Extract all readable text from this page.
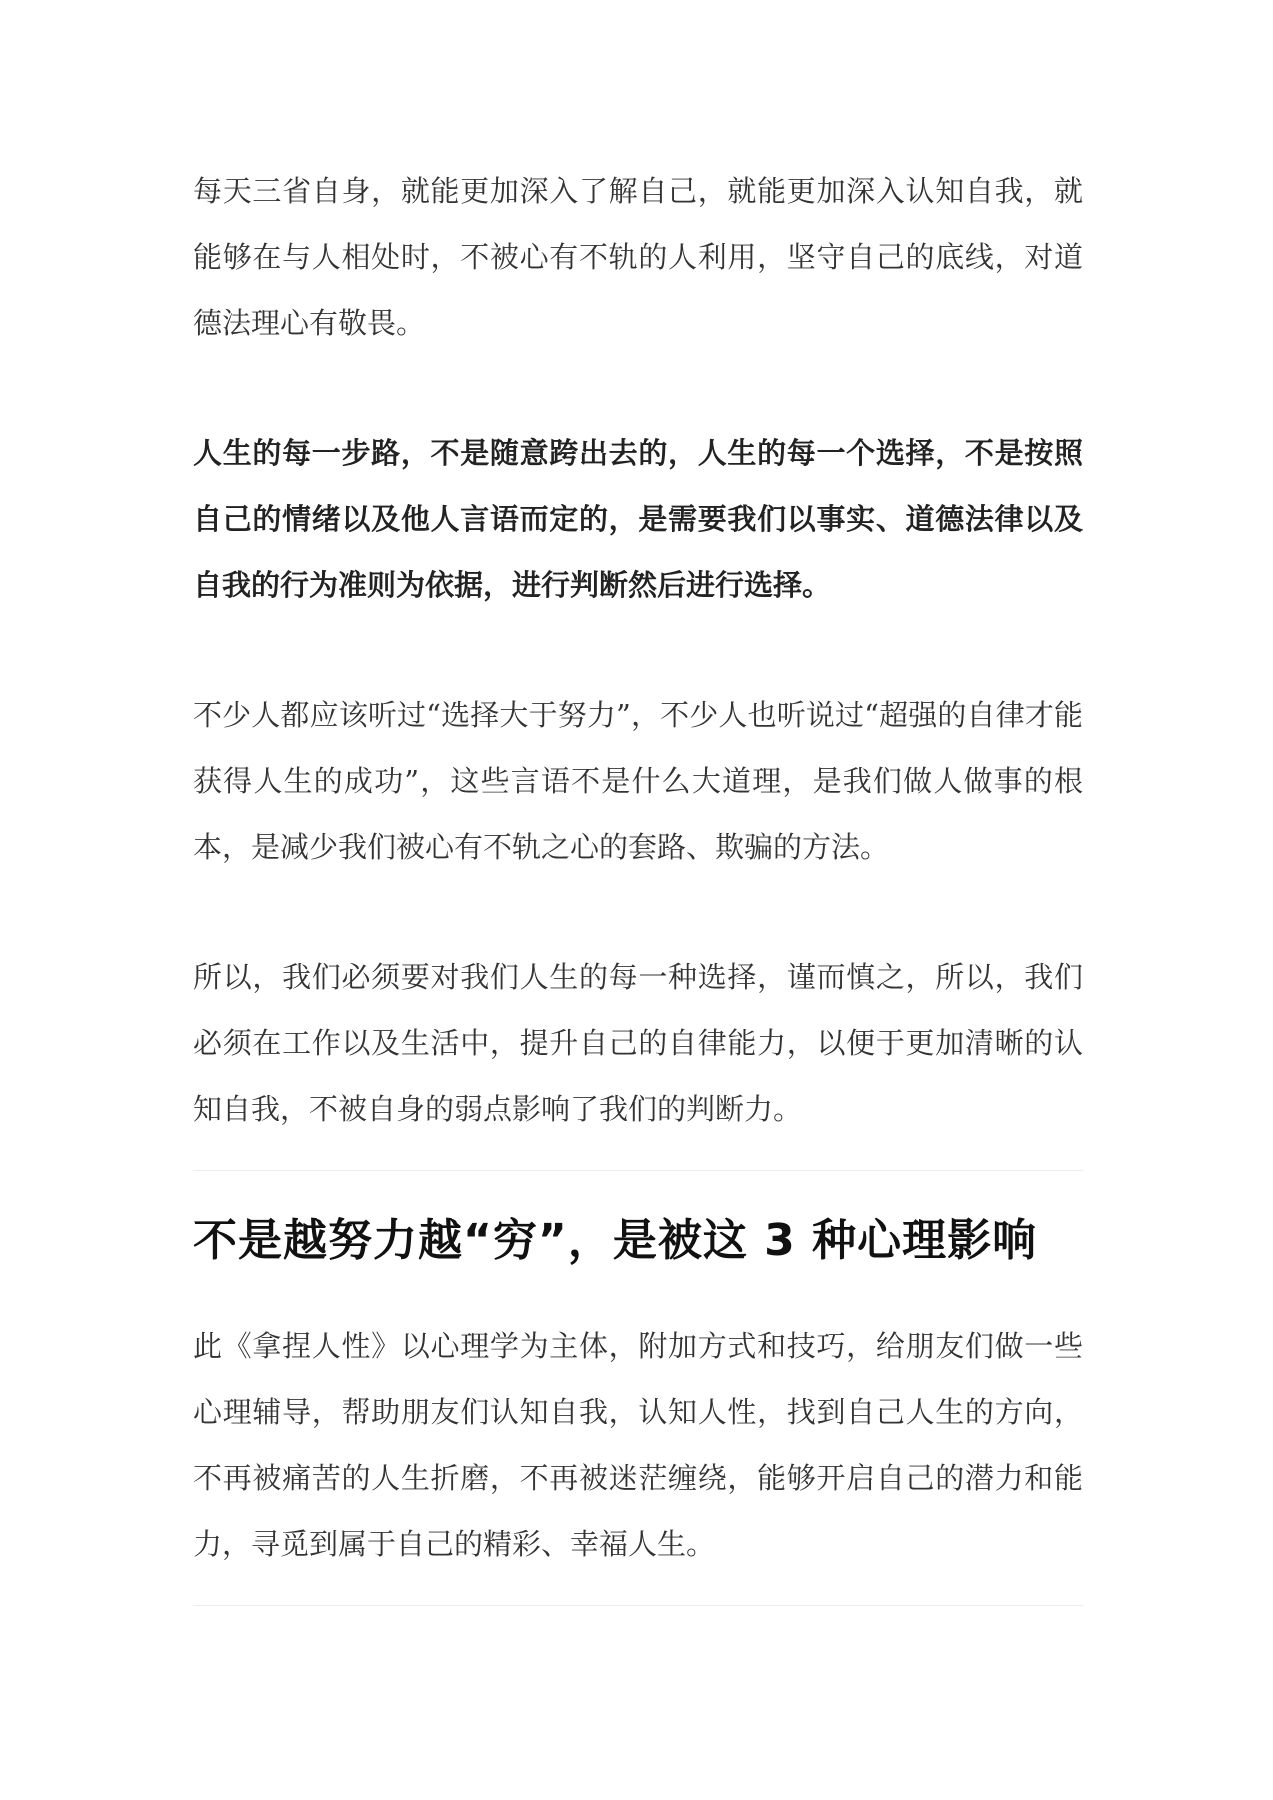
每天三省自身，就能更加深入了解自己，就能更加深入认知自我，就能够在与人相处时，不被心有不轨的人利用，坚守自己的底线，对道德法理心有敬畏。

人生的每一步路，不是随意跨出去的，人生的每一个选择，不是按照自己的情绪以及他人言语而定的，是需要我们以事实、道德法律以及自我的行为准则为依据，进行判断然后进行选择。

不少人都应该听过“选择大于努力”，不少人也听说过“超强的自律才能获得人生的成功”，这些言语不是什么大道理，是我们做人做事的根本，是减少我们被心有不轨之心的套路、欺骗的方法。

所以，我们必须要对我们人生的每一种选择，谨而慎之，所以，我们必须在工作以及生活中，提升自己的自律能力，以便于更加清晰的认知自我，不被自身的弱点影响了我们的判断力。

不是越努力越“穷”，是被这 3 种心理影响

此《拿捏人性》以心理学为主体，附加方式和技巧，给朋友们做一些心理辅导，帮助朋友们认知自我，认知人性，找到自己人生的方向，不再被痛苦的人生折磨，不再被迷茫缠绕，能够开启自己的潜力和能力，寻觅到属于自己的精彩、幸福人生。
